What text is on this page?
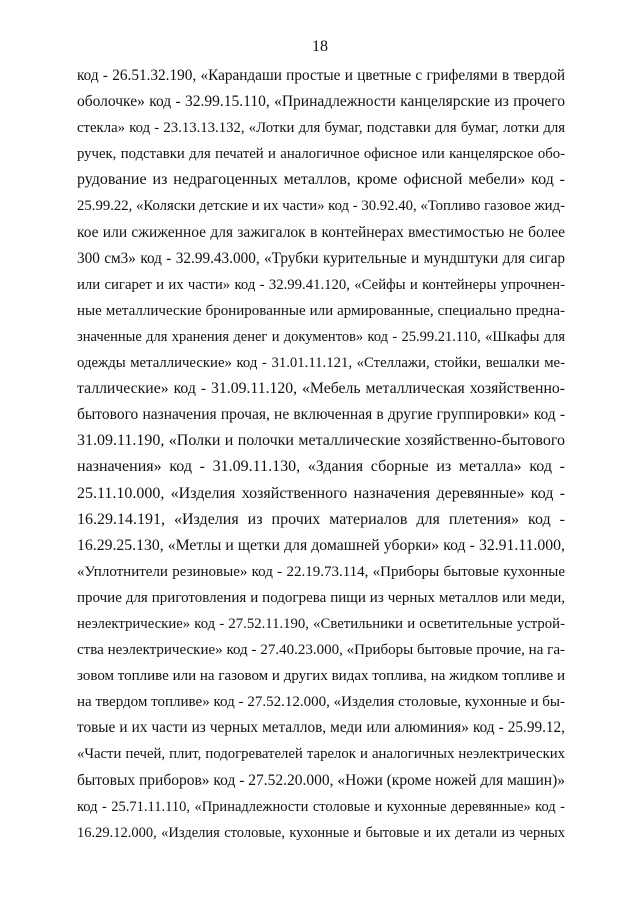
18
код - 26.51.32.190, «Карандаши простые и цветные с грифелями в твердой
оболочке» код - 32.99.15.110, «Принадлежности канцелярские из прочего
стекла» код - 23.13.13.132, «Лотки для бумаг, подставки для бумаг, лотки для
ручек, подставки для печатей и аналогичное офисное или канцелярское обо-
рудование из недрагоценных металлов, кроме офисной мебели» код -
25.99.22, «Коляски детские и их части» код - 30.92.40, «Топливо газовое жид-
кое или сжиженное для зажигалок в контейнерах вместимостью не более
300 см3» код - 32.99.43.000, «Трубки курительные и мундштуки для сигар
или сигарет и их части» код - 32.99.41.120, «Сейфы и контейнеры упрочнен-
ные металлические бронированные или армированные, специально предна-
значенные для хранения денег и документов» код - 25.99.21.110, «Шкафы для
одежды металлические» код - 31.01.11.121, «Стеллажи, стойки, вешалки ме-
таллические» код - 31.09.11.120, «Мебель металлическая хозяйственно-
бытового назначения прочая, не включенная в другие группировки» код -
31.09.11.190, «Полки и полочки металлические хозяйственно-бытового
назначения» код - 31.09.11.130, «Здания сборные из металла» код -
25.11.10.000, «Изделия хозяйственного назначения деревянные» код -
16.29.14.191, «Изделия из прочих материалов для плетения» код -
16.29.25.130, «Метлы и щетки для домашней уборки» код - 32.91.11.000,
«Уплотнители резиновые» код - 22.19.73.114, «Приборы бытовые кухонные
прочие для приготовления и подогрева пищи из черных металлов или меди,
неэлектрические» код - 27.52.11.190, «Светильники и осветительные устрой-
ства неэлектрические» код - 27.40.23.000, «Приборы бытовые прочие, на га-
зовом топливе или на газовом и других видах топлива, на жидком топливе и
на твердом топливе» код - 27.52.12.000, «Изделия столовые, кухонные и бы-
товые и их части из черных металлов, меди или алюминия» код - 25.99.12,
«Части печей, плит, подогревателей тарелок и аналогичных неэлектрических
бытовых приборов» код - 27.52.20.000, «Ножи (кроме ножей для машин)»
код - 25.71.11.110, «Принадлежности столовые и кухонные деревянные» код -
16.29.12.000, «Изделия столовые, кухонные и бытовые и их детали из черных
